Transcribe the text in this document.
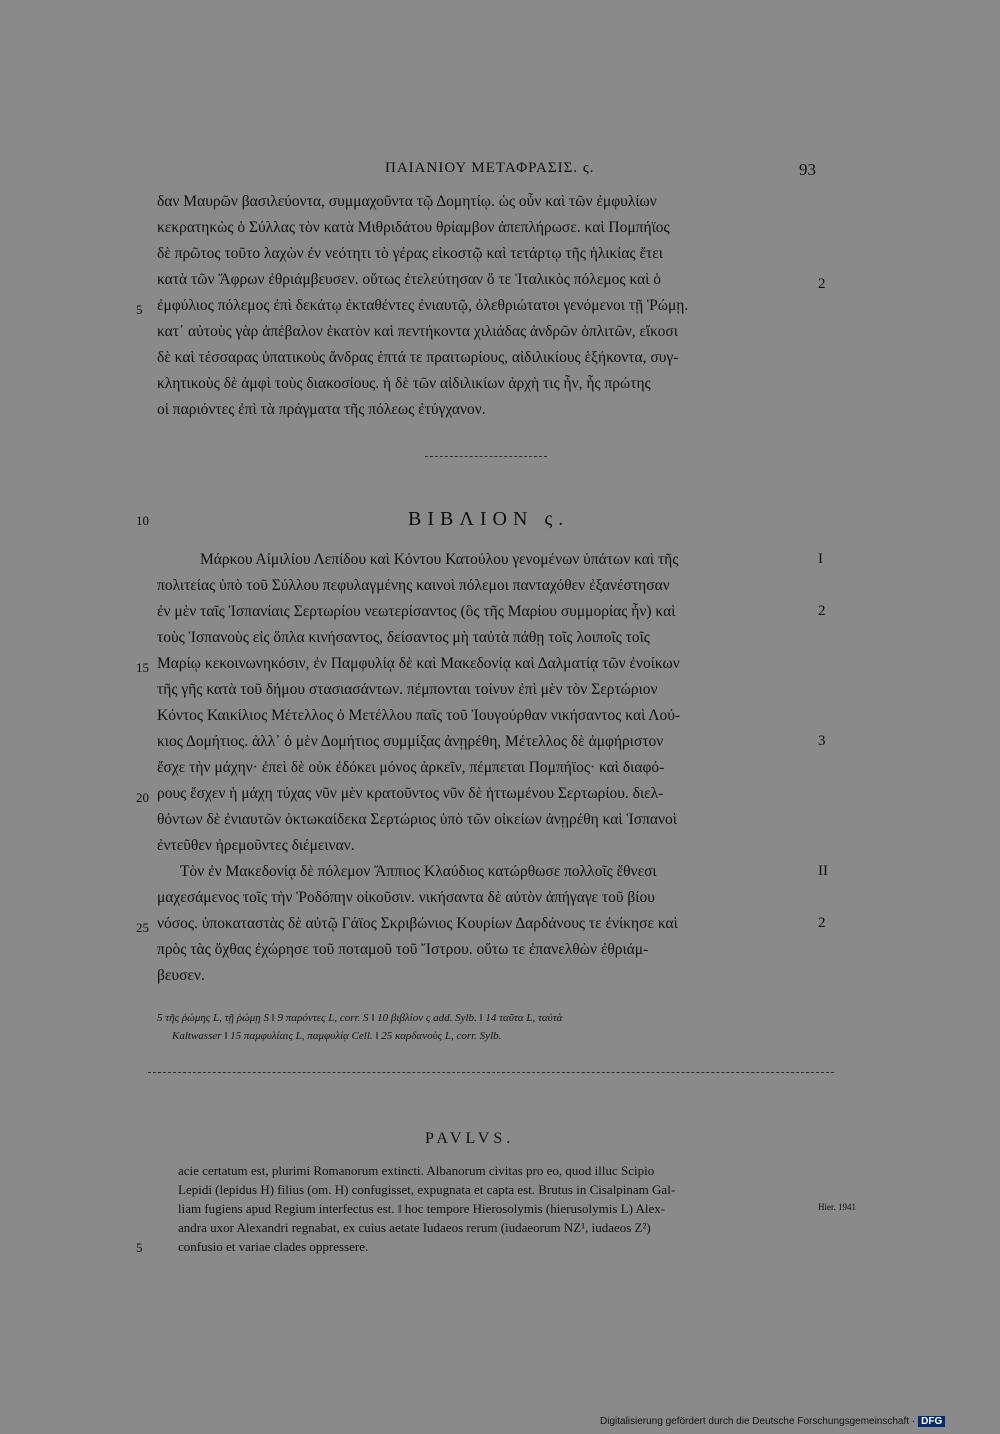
ΠΑΙΑΝΙΟΥ ΜΕΤΑΦΡΑΣΙΣ. ς.	93
δαν Μαυρῶν βασιλεύοντα, συμμαχοῦντα τῷ Δομητίῳ. ὡς οὖν καὶ τῶν ἐμφυλίων
κεκρατηκὼς ὁ Σύλλας τὸν κατὰ Μιθριδάτου θρίαμβον ἀπεπλήρωσε. καὶ Πομπήϊος
δὲ πρῶτος τοῦτο λαχὼν ἐν νεότητι τὸ γέρας εἰκοστῷ καὶ τετάρτῳ τῆς ἡλικίας ἔτει
κατὰ τῶν Ἄφρων ἐθριάμβευσεν. οὕτως ἐτελεύτησαν ὅ τε Ἰταλικὸς πόλεμος καὶ ὁ
ἐμφύλιος πόλεμος ἐπὶ δεκάτῳ ἐκταθέντες ἐνιαυτῷ, ὀλεθριώτατοι γενόμενοι τῇ Ῥώμῃ.
κατ᾽ αὐτοὺς γὰρ ἀπέβαλον ἑκατὸν καὶ πεντήκοντα χιλιάδας ἀνδρῶν ὁπλιτῶν, εἴκοσι
δὲ καὶ τέσσαρας ὑπατικοὺς ἄνδρας ἑπτά τε πραιτωρίους, αἰδιλικίους ἑξήκοντα, συγ-
κλητικοὺς δὲ ἀμφὶ τοὺς διακοσίους. ἡ δὲ τῶν αἰδιλικίων ἀρχὴ τις ἦν, ἧς πρώτης
οἱ παριόντες ἐπὶ τὰ πράγματα τῆς πόλεως ἐτύγχανον.
5
2
10	ΒΙΒΛΙΟΝ ς.
Μάρκου Αἰμιλίου Λεπίδου καὶ Κόντου Κατούλου γενομένων ὑπάτων καὶ τῆς
πολιτείας ὑπὸ τοῦ Σύλλου πεφυλαγμένης καινοὶ πόλεμοι πανταχόθεν ἐξανέστησαν
ἐν μὲν ταῖς Ἱσπανίαις Σερτωρίου νεωτερίσαντος (ὃς τῆς Μαρίου συμμορίας ἦν) καὶ
τοὺς Ἱσπανοὺς εἰς ὅπλα κινήσαντος, δείσαντος μὴ ταὐτὰ πάθῃ τοῖς λοιποῖς τοῖς
Μαρίῳ κεκοινωνηκόσιν, ἐν Παμφυλίᾳ δὲ καὶ Μακεδονίᾳ καὶ Δαλματίᾳ τῶν ἐνοίκων
τῆς γῆς κατὰ τοῦ δήμου στασιασάντων. πέμπονται τοίνυν ἐπὶ μὲν τὸν Σερτώριον
Κόντος Καικίλιος Μέτελλος ὁ Μετέλλου παῖς τοῦ Ἰουγούρθαν νικήσαντος καὶ Λού-
κιος Δομήτιος. ἀλλ᾽ ὁ μὲν Δομήτιος συμμίξας ἀνῃρέθη, Μέτελλος δὲ ἀμφήριστον
ἔσχε τὴν μάχην· ἐπεὶ δὲ οὐκ ἐδόκει μόνος ἀρκεῖν, πέμπεται Πομπήϊος· καὶ διαφό-
ρους ἔσχεν ἡ μάχη τύχας νῦν μὲν κρατοῦντος νῦν δὲ ἡττωμένου Σερτωρίου. διελ-
θόντων δὲ ἐνιαυτῶν ὀκτωκαίδεκα Σερτώριος ὑπὸ τῶν οἰκείων ἀνῃρέθη καὶ Ἱσπανοὶ
ἐντεῦθεν ἠρεμοῦντες διέμειναν.
Τὸν ἐν Μακεδονίᾳ δὲ πόλεμον Ἄππιος Κλαύδιος κατώρθωσε πολλοῖς ἔθνεσι
μαχεσάμενος τοῖς τὴν Ῥοδόπην οἰκοῦσιν. νικήσαντα δὲ αὐτὸν ἀπήγαγε τοῦ βίου
νόσος. ὑποκαταστὰς δὲ αὐτῷ Γάϊος Σκριβώνιος Κουρίων Δαρδάνους τε ἐνίκησε καὶ
πρὸς τὰς ὄχθας ἐχώρησε τοῦ ποταμοῦ τοῦ Ἴστρου. οὕτω τε ἐπανελθὼν ἐθριάμ-
βευσεν.
15
20
25
I
2
3
II
2
5 τῆς ῥώμης L, τῇ ῥώμῃ S ‖ 9 παρόντες L, corr. S ‖ 10 βιβλίον ς add. Sylb. ‖ 14 ταῦτα L, ταὐτὰ
Kaltwasser ‖ 15 παμφυλίαις L, παμφυλίᾳ Cell. ‖ 25 καρδανοὺς L, corr. Sylb.
PAVLVS.
acie certatum est, plurimi Romanorum extincti. Albanorum civitas pro eo, quod illuc Scipio
Lepidi (lepidus H) filius (om. H) confugisset, expugnata et capta est. Brutus in Cisalpinam Gal-
liam fugiens apud Regium interfectus est. ‖ hoc tempore Hierosolymis (hierusolymis L) Alex-
andra uxor Alexandri regnabat, ex cuius aetate Iudaeos rerum (iudaeorum NZ¹, iudaeos Z²)
confusio et variae clades oppressere.
5
Hier. 1941
Digitalisierung gefördert durch die Deutsche Forschungsgemeinschaft · DFG
